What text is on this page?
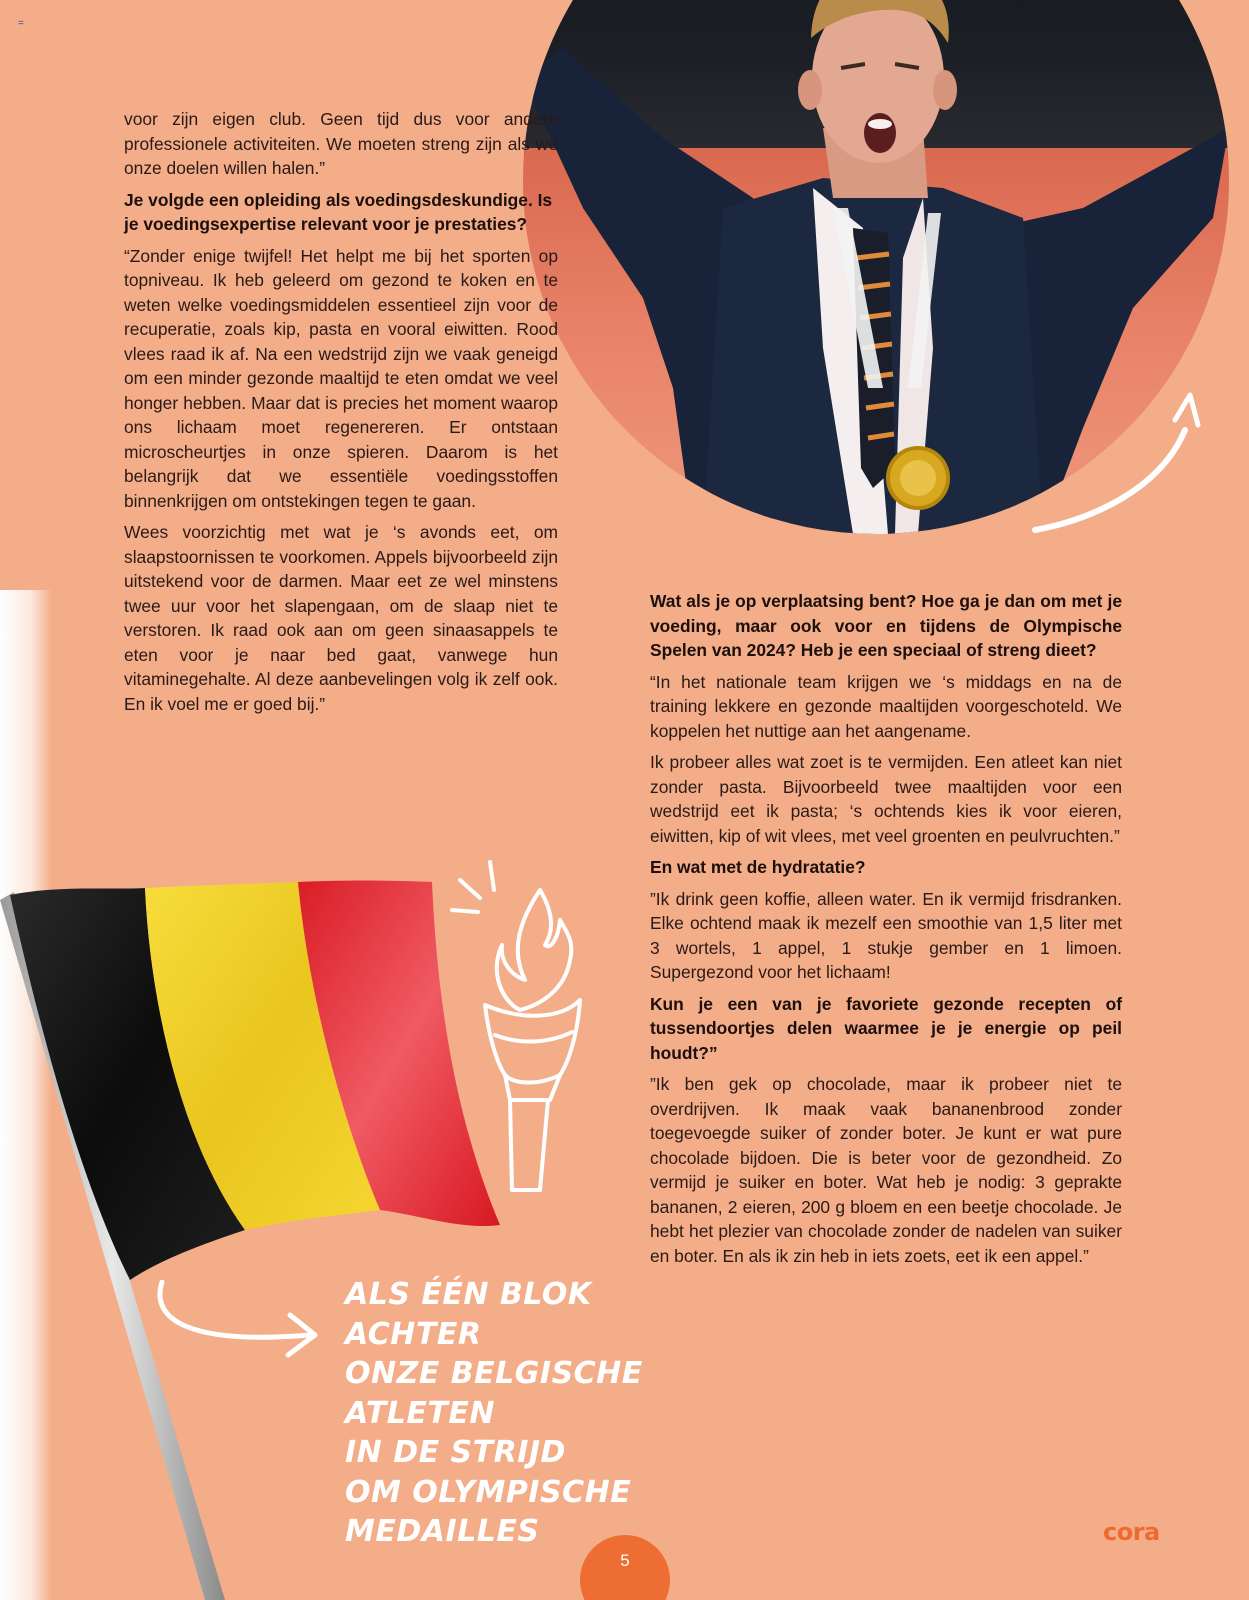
=

voor zijn eigen club. Geen tijd dus voor andere professionele activiteiten. We moeten streng zijn als we onze doelen willen halen.”

Je volgde een opleiding als voedingsdeskundige. Is je voedingsexpertise relevant voor je prestaties?

“Zonder enige twijfel! Het helpt me bij het sporten op topniveau. Ik heb geleerd om gezond te koken en te weten welke voedingsmiddelen essentieel zijn voor de recuperatie, zoals kip, pasta en vooral eiwitten. Rood vlees raad ik af. Na een wedstrijd zijn we vaak geneigd om een minder gezonde maaltijd te eten omdat we veel honger hebben. Maar dat is precies het moment waarop ons lichaam moet regenereren. Er ontstaan microscheurtjes in onze spieren. Daarom is het belangrijk dat we essentiële voedingsstoffen binnenkrijgen om ontstekingen tegen te gaan.

Wees voorzichtig met wat je ‘s avonds eet, om slaapstoornissen te voorkomen. Appels bijvoorbeeld zijn uitstekend voor de darmen. Maar eet ze wel minstens twee uur voor het slapengaan, om de slaap niet te verstoren. Ik raad ook aan om geen sinaasappels te eten voor je naar bed gaat, vanwege hun vitaminegehalte. Al deze aanbevelingen volg ik zelf ook. En ik voel me er goed bij.”

Wat als je op verplaatsing bent? Hoe ga je dan om met je voeding, maar ook voor en tijdens de Olympische Spelen van 2024? Heb je een speciaal of streng dieet?

“In het nationale team krijgen we ‘s middags en na de training lekkere en gezonde maaltijden voorgeschoteld. We koppelen het nuttige aan het aangename.

Ik probeer alles wat zoet is te vermijden. Een atleet kan niet zonder pasta. Bijvoorbeeld twee maaltijden voor een wedstrijd eet ik pasta; ‘s ochtends kies ik voor eieren, eiwitten, kip of wit vlees, met veel groenten en peulvruchten.”

En wat met de hydratatie?

”Ik drink geen koffie, alleen water. En ik vermijd frisdranken. Elke ochtend maak ik mezelf een smoothie van 1,5 liter met 3 wortels, 1 appel, 1 stukje gember en 1 limoen. Supergezond voor het lichaam!

Kun je een van je favoriete gezonde recepten of tussendoortjes delen waarmee je je energie op peil houdt?”

”Ik ben gek op chocolade, maar ik probeer niet te overdrijven. Ik maak vaak bananenbrood zonder toegevoegde suiker of zonder boter. Je kunt er wat pure chocolade bijdoen. Die is beter voor de gezondheid. Zo vermijd je suiker en boter. Wat heb je nodig: 3 geprakte bananen, 2 eieren, 200 g bloem en een beetje chocolade. Je hebt het plezier van chocolade zonder de nadelen van suiker en boter. En als ik zin heb in iets zoets, eet ik een appel.”

ALS ÉÉN BLOK
ACHTER
ONZE BELGISCHE
ATLETEN
IN DE STRIJD
OM OLYMPISCHE
MEDAILLES
5
cora
